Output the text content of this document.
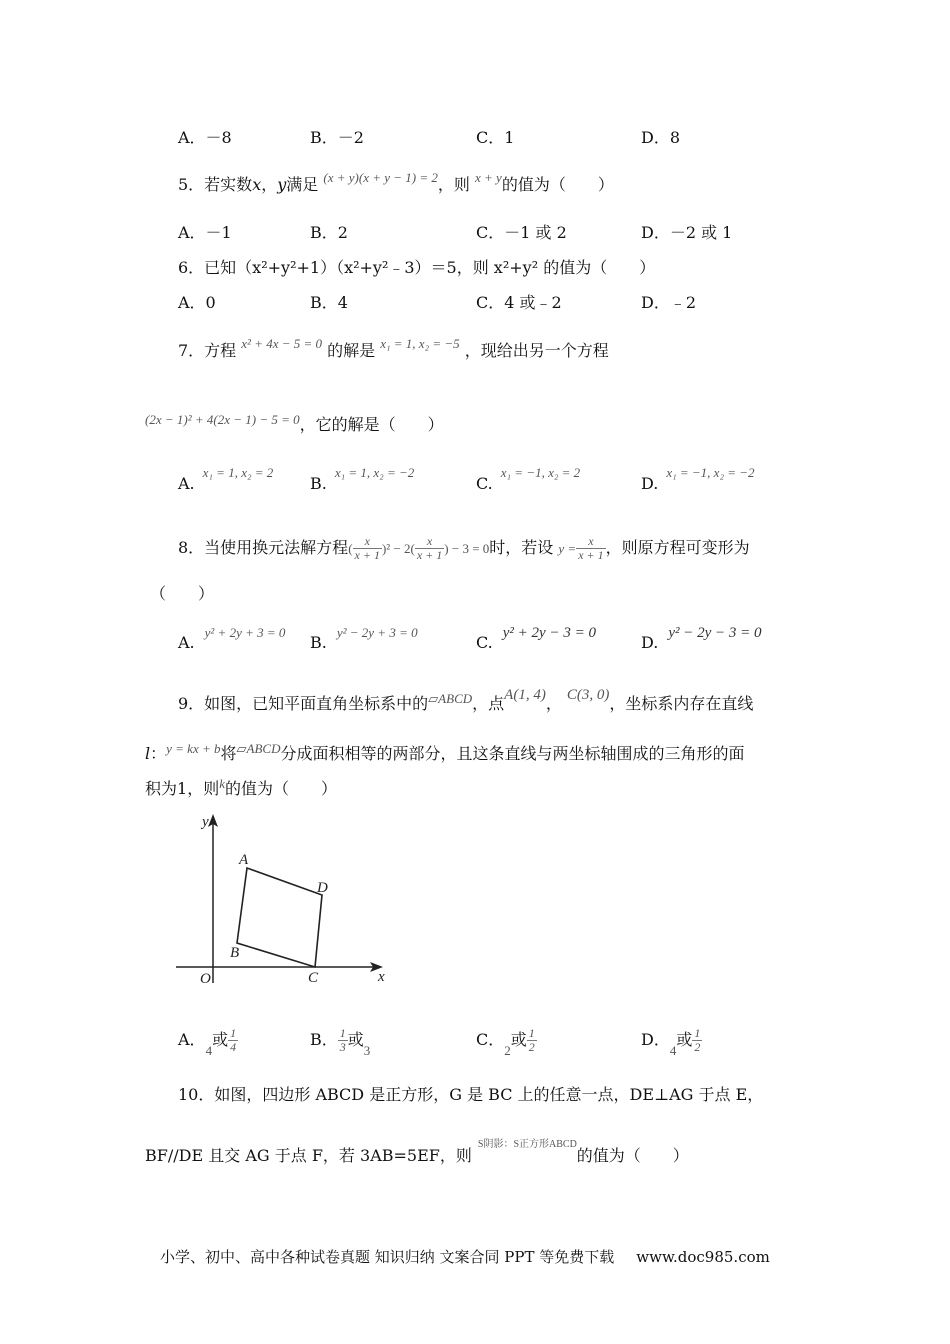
A．－8	B．－2	C．1	D．8
5．若实数x，y满足 $^{(x + y)(x + y - 1) = 2}$，则 $^{x + y}$的值为（　　）
A．－1	B．2	C．－1 或 2	D．－2 或 1
6．已知（x²+y²+1）（x²+y²﹣3）＝5，则 x²+y² 的值为（　　）
A．0	B．4	C．4 或﹣2	D．﹣2
7．方程 $^{x^2 + 4x - 5 = 0}$ 的解是 $^{x_1 = 1, x_2 = -5}$ ，现给出另一个方程
$^{(2x - 1)^2 + 4(2x - 1) - 5 = 0}$，它的解是（　　）
A.$^{x_1 = 1, x_2 = 2}$
B.$^{x_1 = 1, x_2 = -2}$
C.$^{x_1 = -1, x_2 = 2}$
D.$^{x_1 = -1, x_2 = -2}$
8．当使用换元法解方程( $\frac{x}{x + 1} )^2 - 2( \frac{x}{x + 1}$ ) − 3 = 0时，若设 $y = \frac{x}{x + 1}$ ，则原方程可变形为
（　　）
A.$^{y^2 + 2y + 3 = 0}$
B.$^{y^2 - 2y + 3 = 0}$
C. y² + 2y − 3 = 0	D. y² − 2y − 3 = 0
9．如图，已知平面直角坐标系中的$^{▱ABCD}$，点A(1, 4)， C(3, 0)，坐标系内存在直线
l：$^{y = kx + b}$将$^{▱ABCD}$分成面积相等的两部分，且这条直线与两坐标轴围成的三角形的面
积为1，则$^k$的值为（　　）
y
x
O
A
B
C
D
A．$_4$或 $\frac{1}{4}$	B． $\frac{1}{3}$ 或$_3$
C．$_2$或 $\frac{1}{2}$	D．$_4$或 $\frac{1}{2}$
10．如图，四边形 ABCD 是正方形，G 是 BC 上的任意一点，DE⊥AG 于点 E，
BF//DE 且交 AG 于点 F，若 3AB=5EF，则$^{S阴影:S正方形ABCD}$的值为（　　）
小学、初中、高中各种试卷真题 知识归纳 文案合同 PPT 等免费下载 www.doc985.com
